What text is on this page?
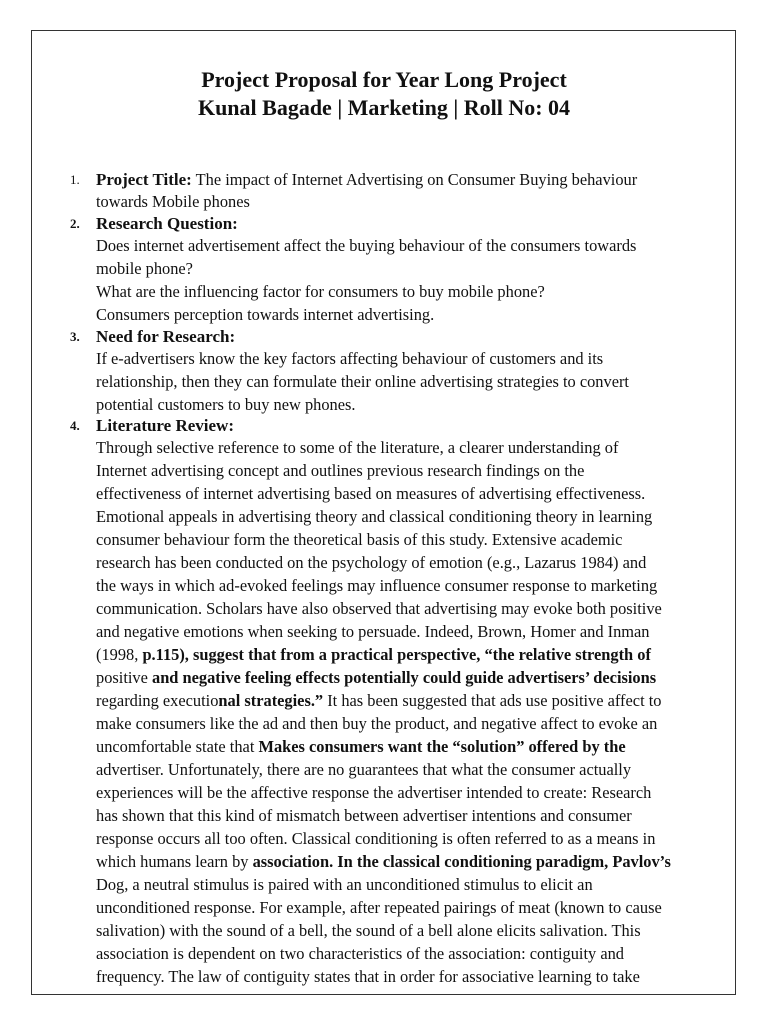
Project Proposal for Year Long Project
Kunal Bagade | Marketing | Roll No: 04
1. Project Title: The impact of Internet Advertising on Consumer Buying behaviour
towards Mobile phones
2. Research Question:
Does internet advertisement affect the buying behaviour of the consumers towards
mobile phone?
What are the influencing factor for consumers to buy mobile phone?
Consumers perception towards internet advertising.
3. Need for Research:
If e-advertisers know the key factors affecting behaviour of customers and its
relationship, then they can formulate their online advertising strategies to convert
potential customers to buy new phones.
4. Literature Review:
Through selective reference to some of the literature, a clearer understanding of
Internet advertising concept and outlines previous research findings on the
effectiveness of internet advertising based on measures of advertising effectiveness.
Emotional appeals in advertising theory and classical conditioning theory in learning
consumer behaviour form the theoretical basis of this study. Extensive academic
research has been conducted on the psychology of emotion (e.g., Lazarus 1984) and
the ways in which ad-evoked feelings may influence consumer response to marketing
communication. Scholars have also observed that advertising may evoke both positive
and negative emotions when seeking to persuade. Indeed, Brown, Homer and Inman
(1998, p.115), suggest that from a practical perspective, “the relative strength of
positive and negative feeling effects potentially could guide advertisers’ decisions
regarding executional strategies.” It has been suggested that ads use positive affect to
make consumers like the ad and then buy the product, and negative affect to evoke an
uncomfortable state that Makes consumers want the “solution” offered by the
advertiser. Unfortunately, there are no guarantees that what the consumer actually
experiences will be the affective response the advertiser intended to create: Research
has shown that this kind of mismatch between advertiser intentions and consumer
response occurs all too often. Classical conditioning is often referred to as a means in
which humans learn by association. In the classical conditioning paradigm, Pavlov’s
Dog, a neutral stimulus is paired with an unconditioned stimulus to elicit an
unconditioned response. For example, after repeated pairings of meat (known to cause
salivation) with the sound of a bell, the sound of a bell alone elicits salivation. This
association is dependent on two characteristics of the association: contiguity and
frequency. The law of contiguity states that in order for associative learning to take
